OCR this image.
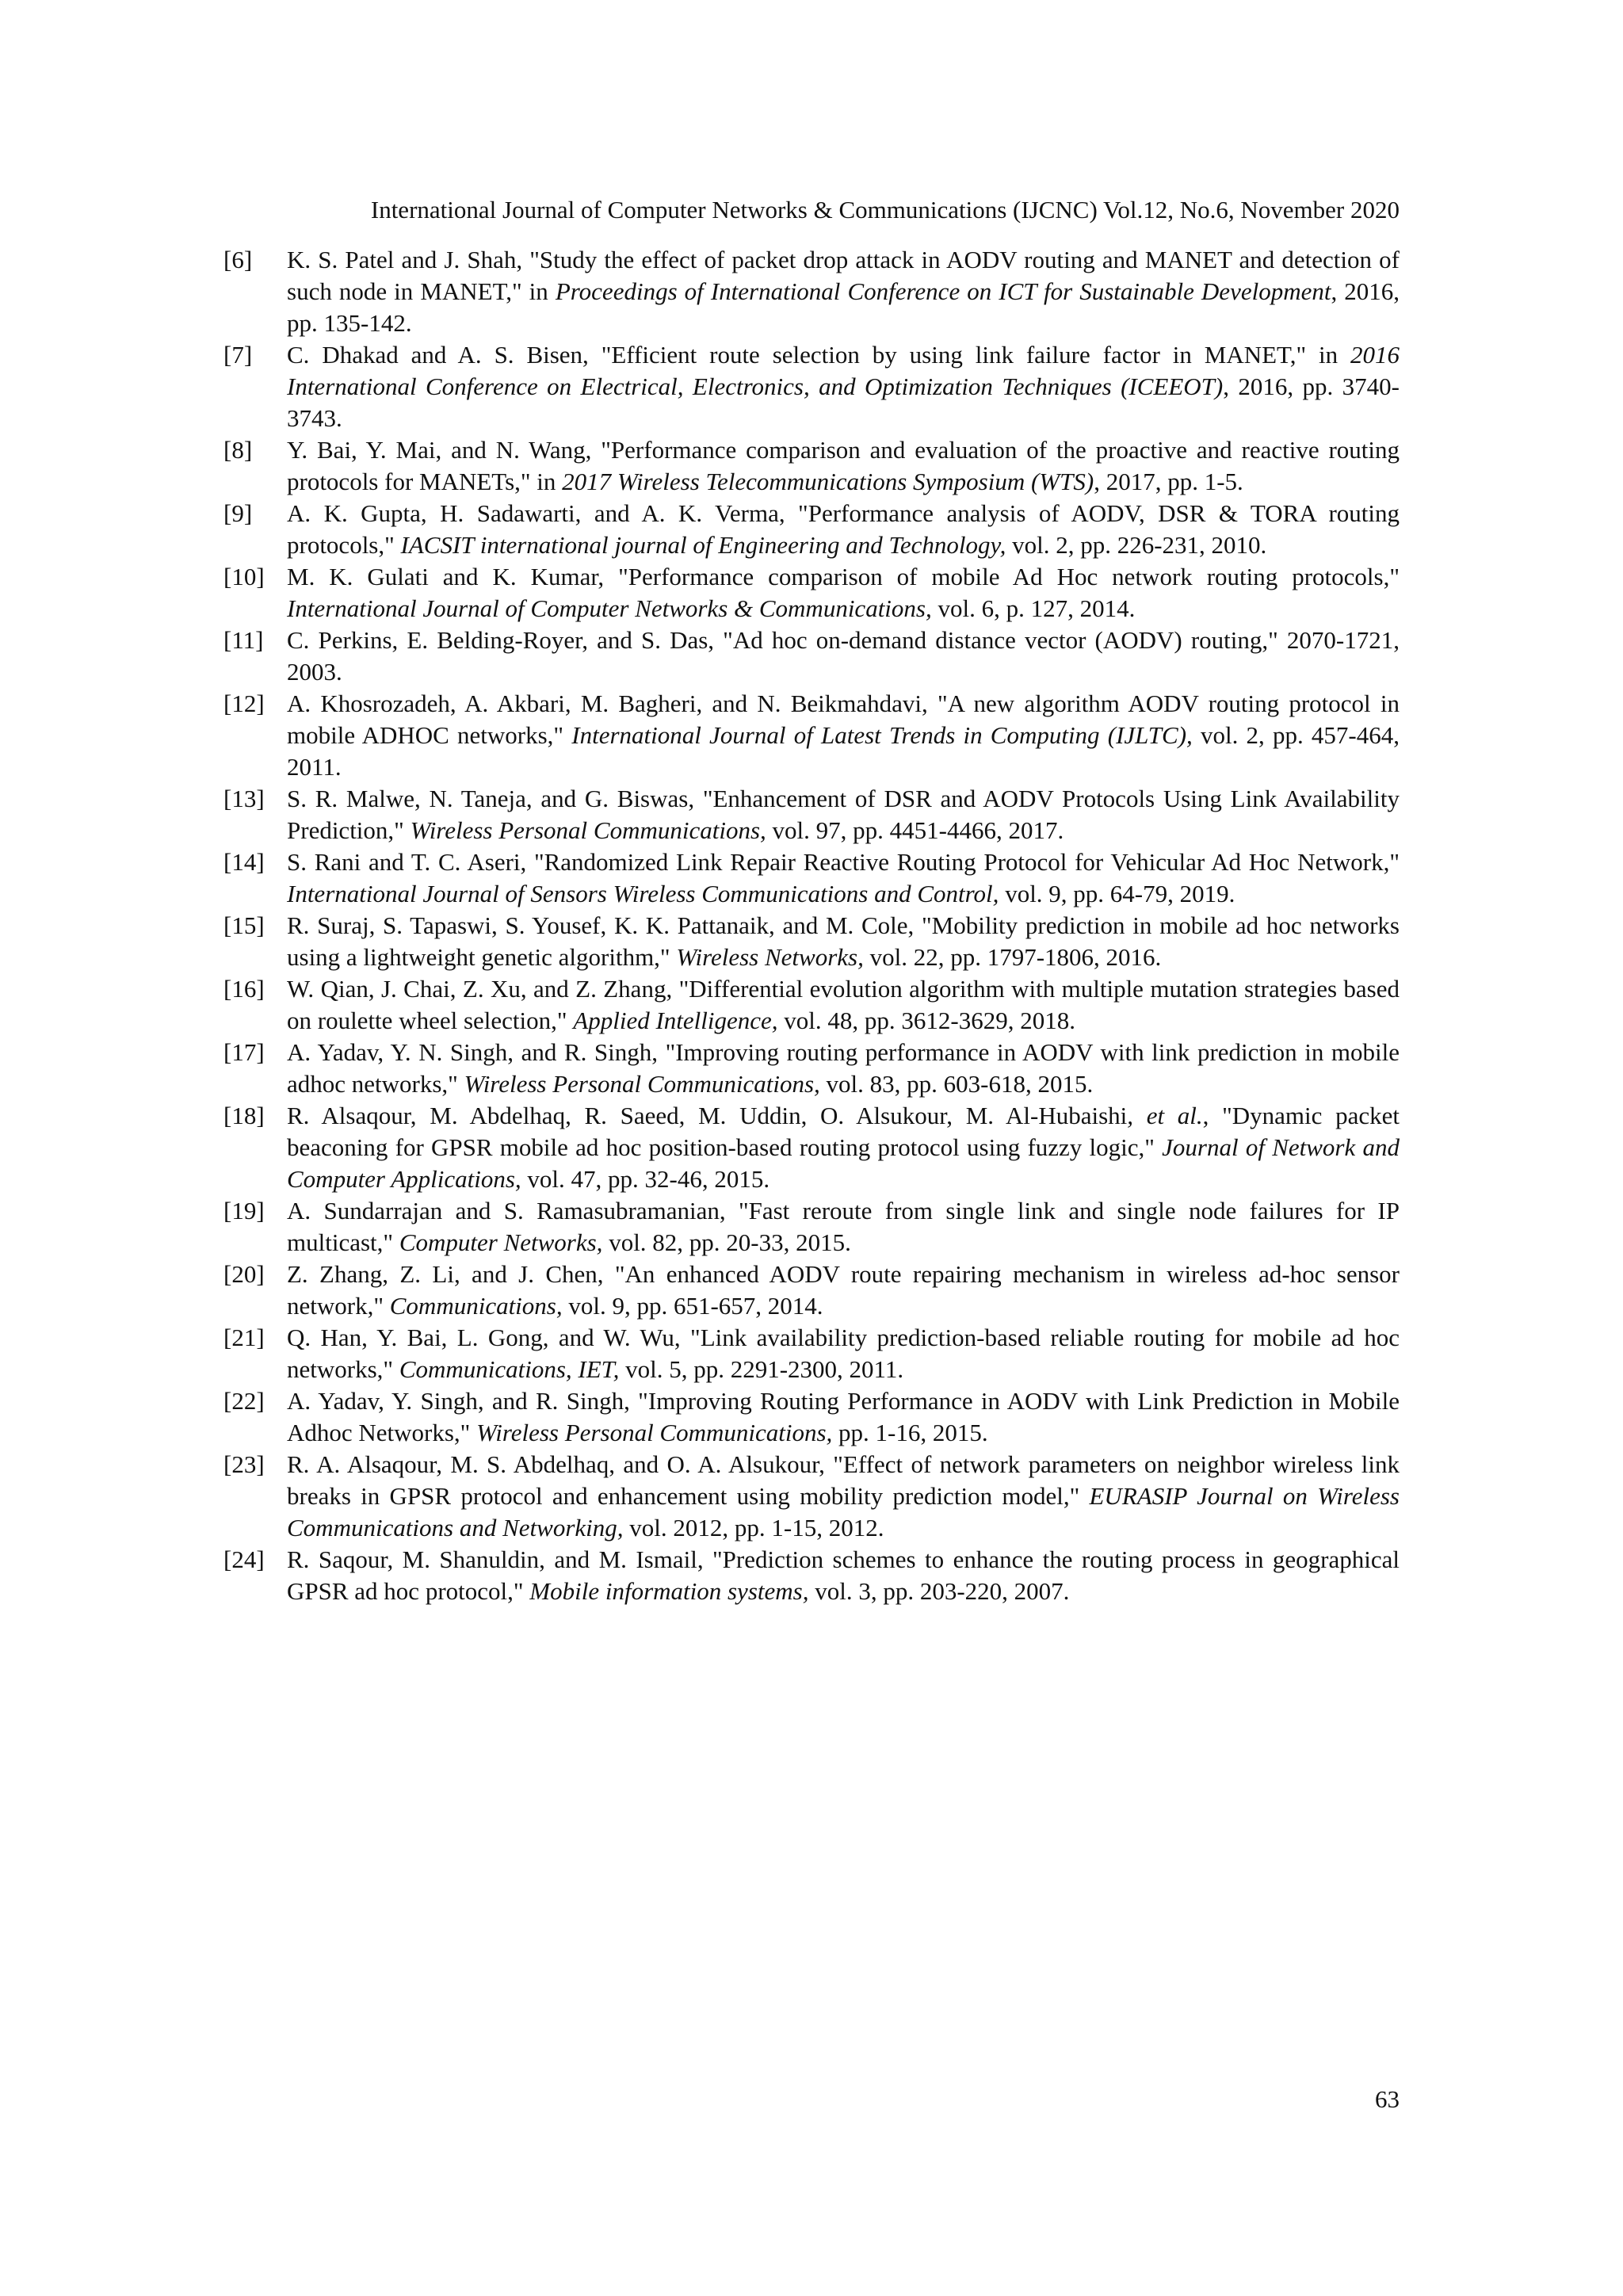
International Journal of Computer Networks & Communications (IJCNC) Vol.12, No.6, November 2020
[6] K. S. Patel and J. Shah, "Study the effect of packet drop attack in AODV routing and MANET and detection of such node in MANET," in Proceedings of International Conference on ICT for Sustainable Development, 2016, pp. 135-142.
[7] C. Dhakad and A. S. Bisen, "Efficient route selection by using link failure factor in MANET," in 2016 International Conference on Electrical, Electronics, and Optimization Techniques (ICEEOT), 2016, pp. 3740-3743.
[8] Y. Bai, Y. Mai, and N. Wang, "Performance comparison and evaluation of the proactive and reactive routing protocols for MANETs," in 2017 Wireless Telecommunications Symposium (WTS), 2017, pp. 1-5.
[9] A. K. Gupta, H. Sadawarti, and A. K. Verma, "Performance analysis of AODV, DSR & TORA routing protocols," IACSIT international journal of Engineering and Technology, vol. 2, pp. 226-231, 2010.
[10] M. K. Gulati and K. Kumar, "Performance comparison of mobile Ad Hoc network routing protocols," International Journal of Computer Networks & Communications, vol. 6, p. 127, 2014.
[11] C. Perkins, E. Belding-Royer, and S. Das, "Ad hoc on-demand distance vector (AODV) routing," 2070-1721, 2003.
[12] A. Khosrozadeh, A. Akbari, M. Bagheri, and N. Beikmahdavi, "A new algorithm AODV routing protocol in mobile ADHOC networks," International Journal of Latest Trends in Computing (IJLTC), vol. 2, pp. 457-464, 2011.
[13] S. R. Malwe, N. Taneja, and G. Biswas, "Enhancement of DSR and AODV Protocols Using Link Availability Prediction," Wireless Personal Communications, vol. 97, pp. 4451-4466, 2017.
[14] S. Rani and T. C. Aseri, "Randomized Link Repair Reactive Routing Protocol for Vehicular Ad Hoc Network," International Journal of Sensors Wireless Communications and Control, vol. 9, pp. 64-79, 2019.
[15] R. Suraj, S. Tapaswi, S. Yousef, K. K. Pattanaik, and M. Cole, "Mobility prediction in mobile ad hoc networks using a lightweight genetic algorithm," Wireless Networks, vol. 22, pp. 1797-1806, 2016.
[16] W. Qian, J. Chai, Z. Xu, and Z. Zhang, "Differential evolution algorithm with multiple mutation strategies based on roulette wheel selection," Applied Intelligence, vol. 48, pp. 3612-3629, 2018.
[17] A. Yadav, Y. N. Singh, and R. Singh, "Improving routing performance in AODV with link prediction in mobile adhoc networks," Wireless Personal Communications, vol. 83, pp. 603-618, 2015.
[18] R. Alsaqour, M. Abdelhaq, R. Saeed, M. Uddin, O. Alsukour, M. Al-Hubaishi, et al., "Dynamic packet beaconing for GPSR mobile ad hoc position-based routing protocol using fuzzy logic," Journal of Network and Computer Applications, vol. 47, pp. 32-46, 2015.
[19] A. Sundarrajan and S. Ramasubramanian, "Fast reroute from single link and single node failures for IP multicast," Computer Networks, vol. 82, pp. 20-33, 2015.
[20] Z. Zhang, Z. Li, and J. Chen, "An enhanced AODV route repairing mechanism in wireless ad-hoc sensor network," Communications, vol. 9, pp. 651-657, 2014.
[21] Q. Han, Y. Bai, L. Gong, and W. Wu, "Link availability prediction-based reliable routing for mobile ad hoc networks," Communications, IET, vol. 5, pp. 2291-2300, 2011.
[22] A. Yadav, Y. Singh, and R. Singh, "Improving Routing Performance in AODV with Link Prediction in Mobile Adhoc Networks," Wireless Personal Communications, pp. 1-16, 2015.
[23] R. A. Alsaqour, M. S. Abdelhaq, and O. A. Alsukour, "Effect of network parameters on neighbor wireless link breaks in GPSR protocol and enhancement using mobility prediction model," EURASIP Journal on Wireless Communications and Networking, vol. 2012, pp. 1-15, 2012.
[24] R. Saqour, M. Shanuldin, and M. Ismail, "Prediction schemes to enhance the routing process in geographical GPSR ad hoc protocol," Mobile information systems, vol. 3, pp. 203-220, 2007.
63
